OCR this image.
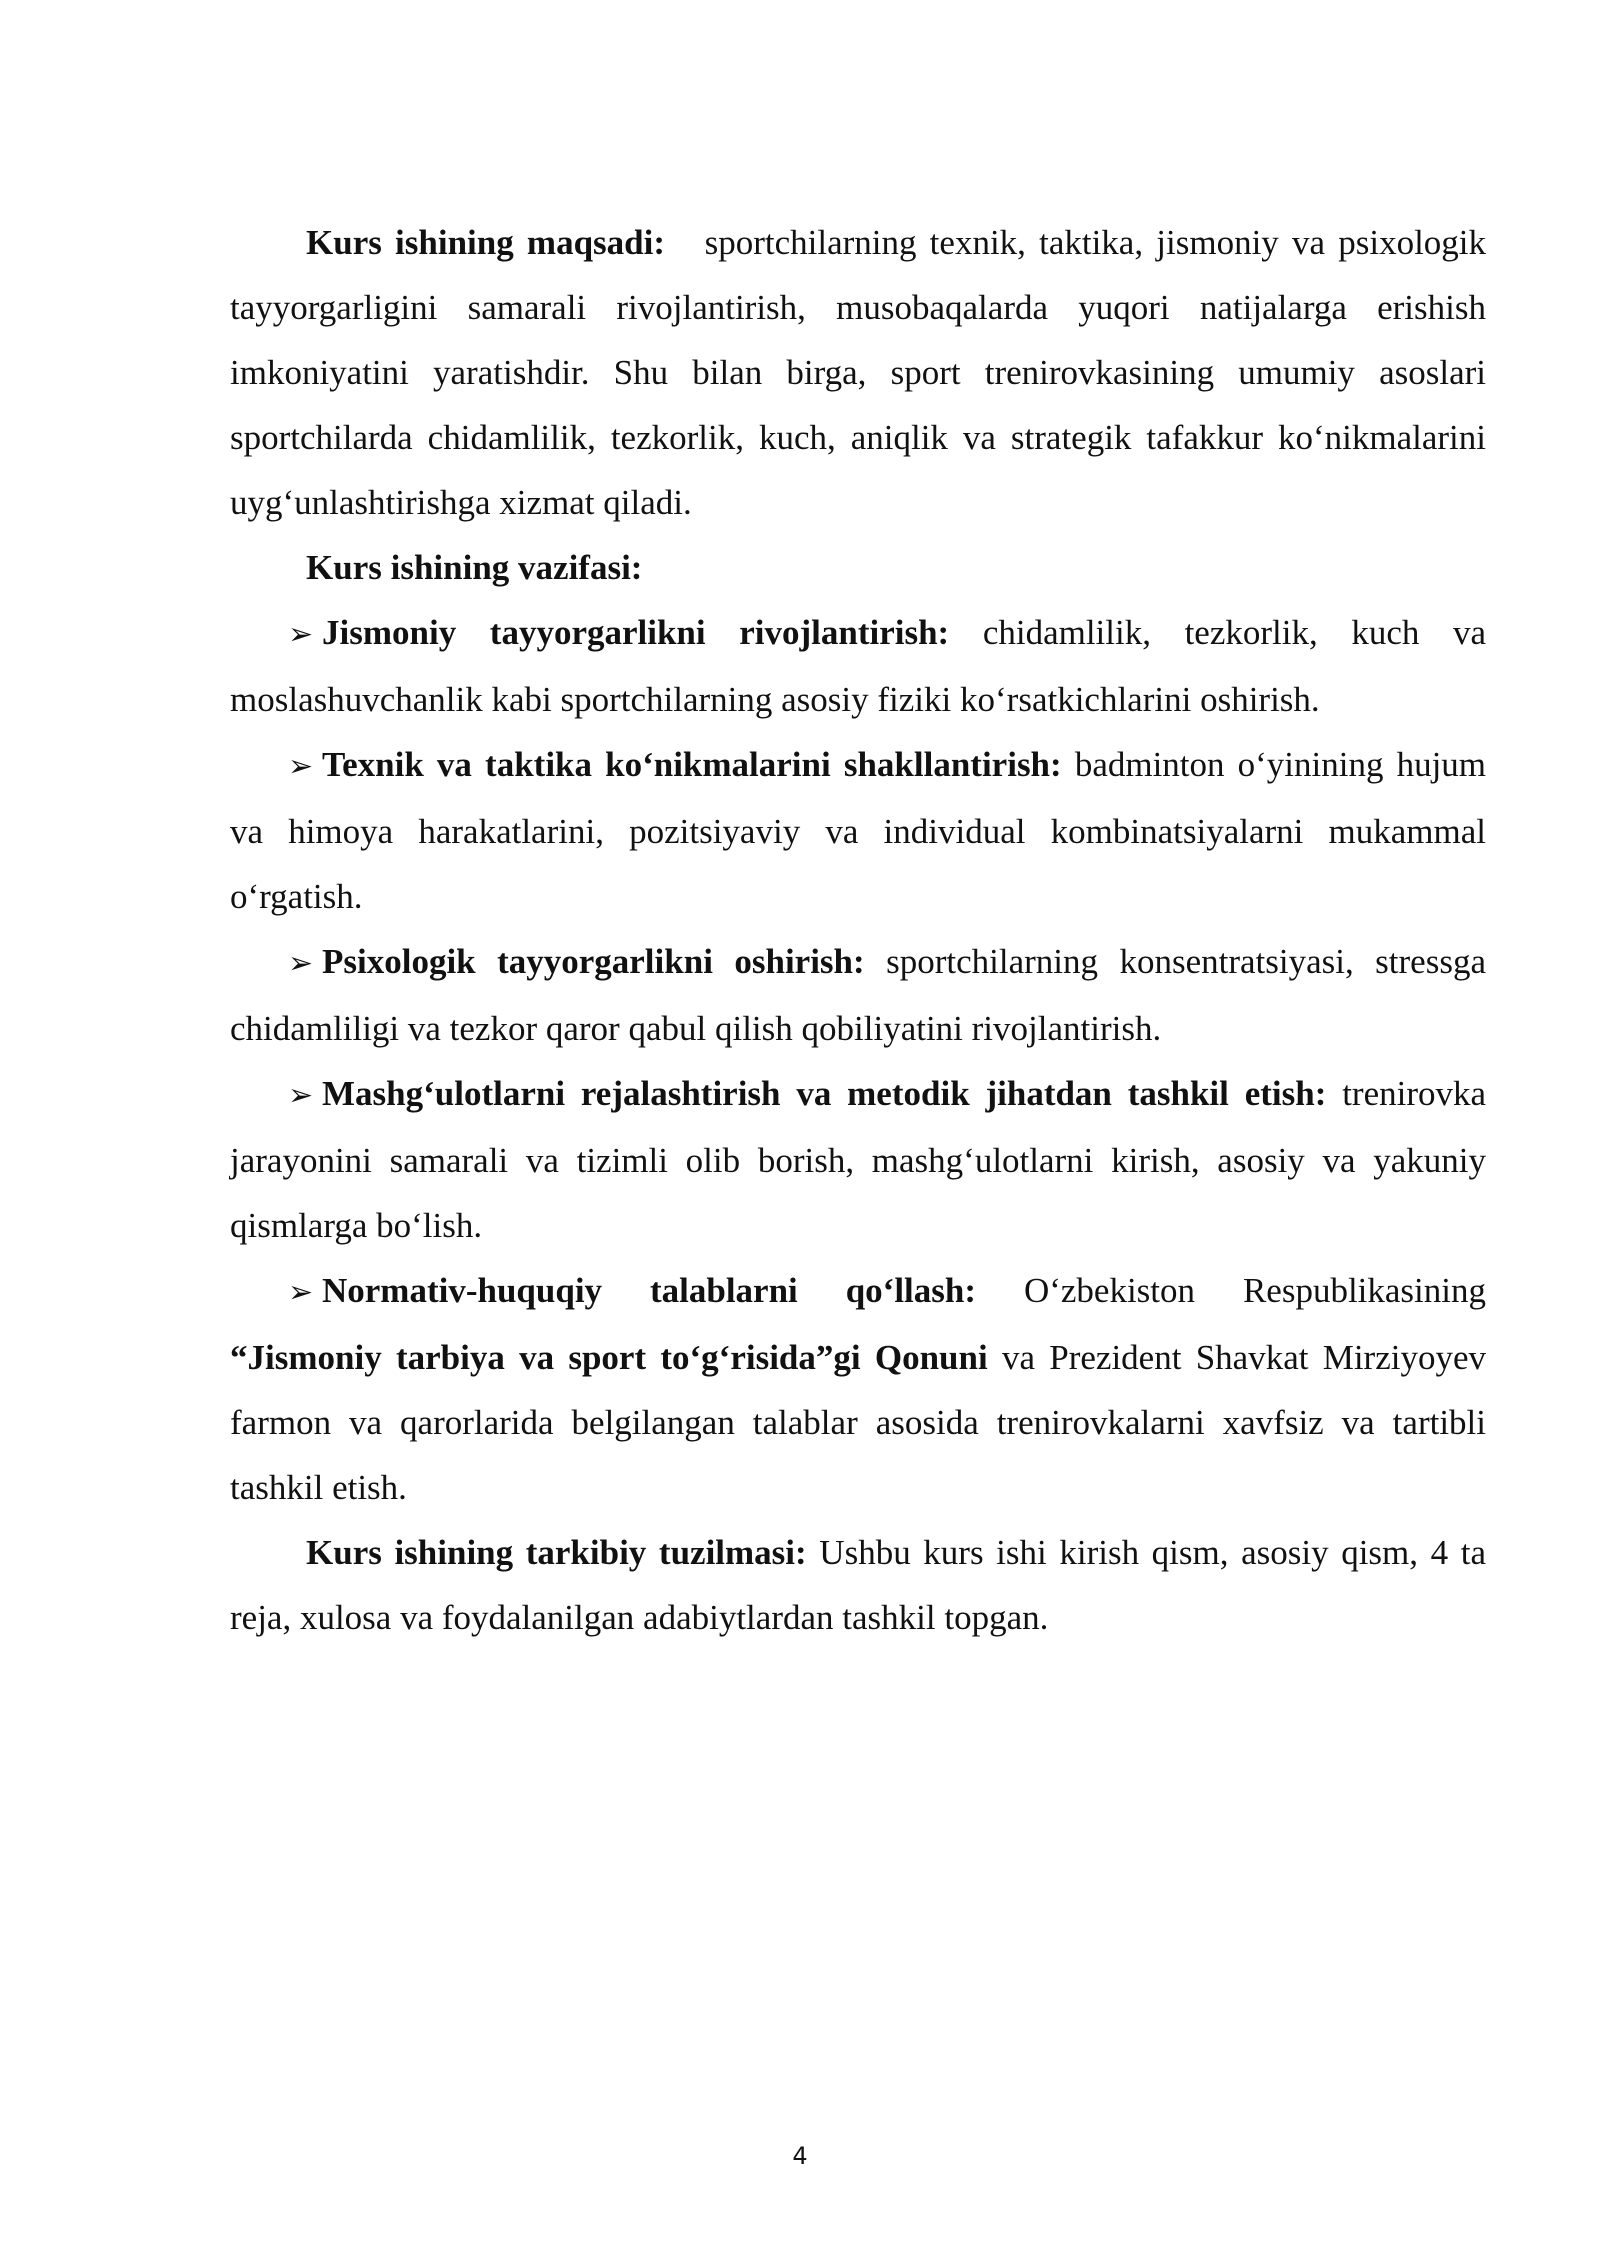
Kurs ishining maqsadi: sportchilarning texnik, taktika, jismoniy va psixologik tayyorgarligini samarali rivojlantirish, musobaqalarda yuqori natijalarga erishish imkoniyatini yaratishdir. Shu bilan birga, sport trenirovkasining umumiy asoslari sportchilarda chidamlilik, tezkorlik, kuch, aniqlik va strategik tafakkur ko‘nikmalarini uyg‘unlashtirishga xizmat qiladi.

Kurs ishining vazifasi:

➢ Jismoniy tayyorgarlikni rivojlantirish: chidamlilik, tezkorlik, kuch va moslashuvchanlik kabi sportchilarning asosiy fiziki ko‘rsatkichlarini oshirish.

➢ Texnik va taktika ko‘nikmalarini shakllantirish: badminton o‘yinining hujum va himoya harakatlarini, pozitsiyaviy va individual kombinatsiyalarni mukammal o‘rgatish.

➢ Psixologik tayyorgarlikni oshirish: sportchilarning konsentratsiyasi, stressga chidamliligi va tezkor qaror qabul qilish qobiliyatini rivojlantirish.

➢ Mashg‘ulotlarni rejalashtirish va metodik jihatdan tashkil etish: trenirovka jarayonini samarali va tizimli olib borish, mashg‘ulotlarni kirish, asosiy va yakuniy qismlarga bo‘lish.

➢ Normativ-huquqiy talablarni qo‘llash: O‘zbekiston Respublikasining “Jismoniy tarbiya va sport to‘g‘risida”gi Qonuni va Prezident Shavkat Mirziyoyev farmon va qarorlarida belgilangan talablar asosida trenirovkalarni xavfsiz va tartibli tashkil etish.

Kurs ishining tarkibiy tuzilmasi: Ushbu kurs ishi kirish qism, asosiy qism, 4 ta reja, xulosa va foydalanilgan adabiytlardan tashkil topgan.

4
